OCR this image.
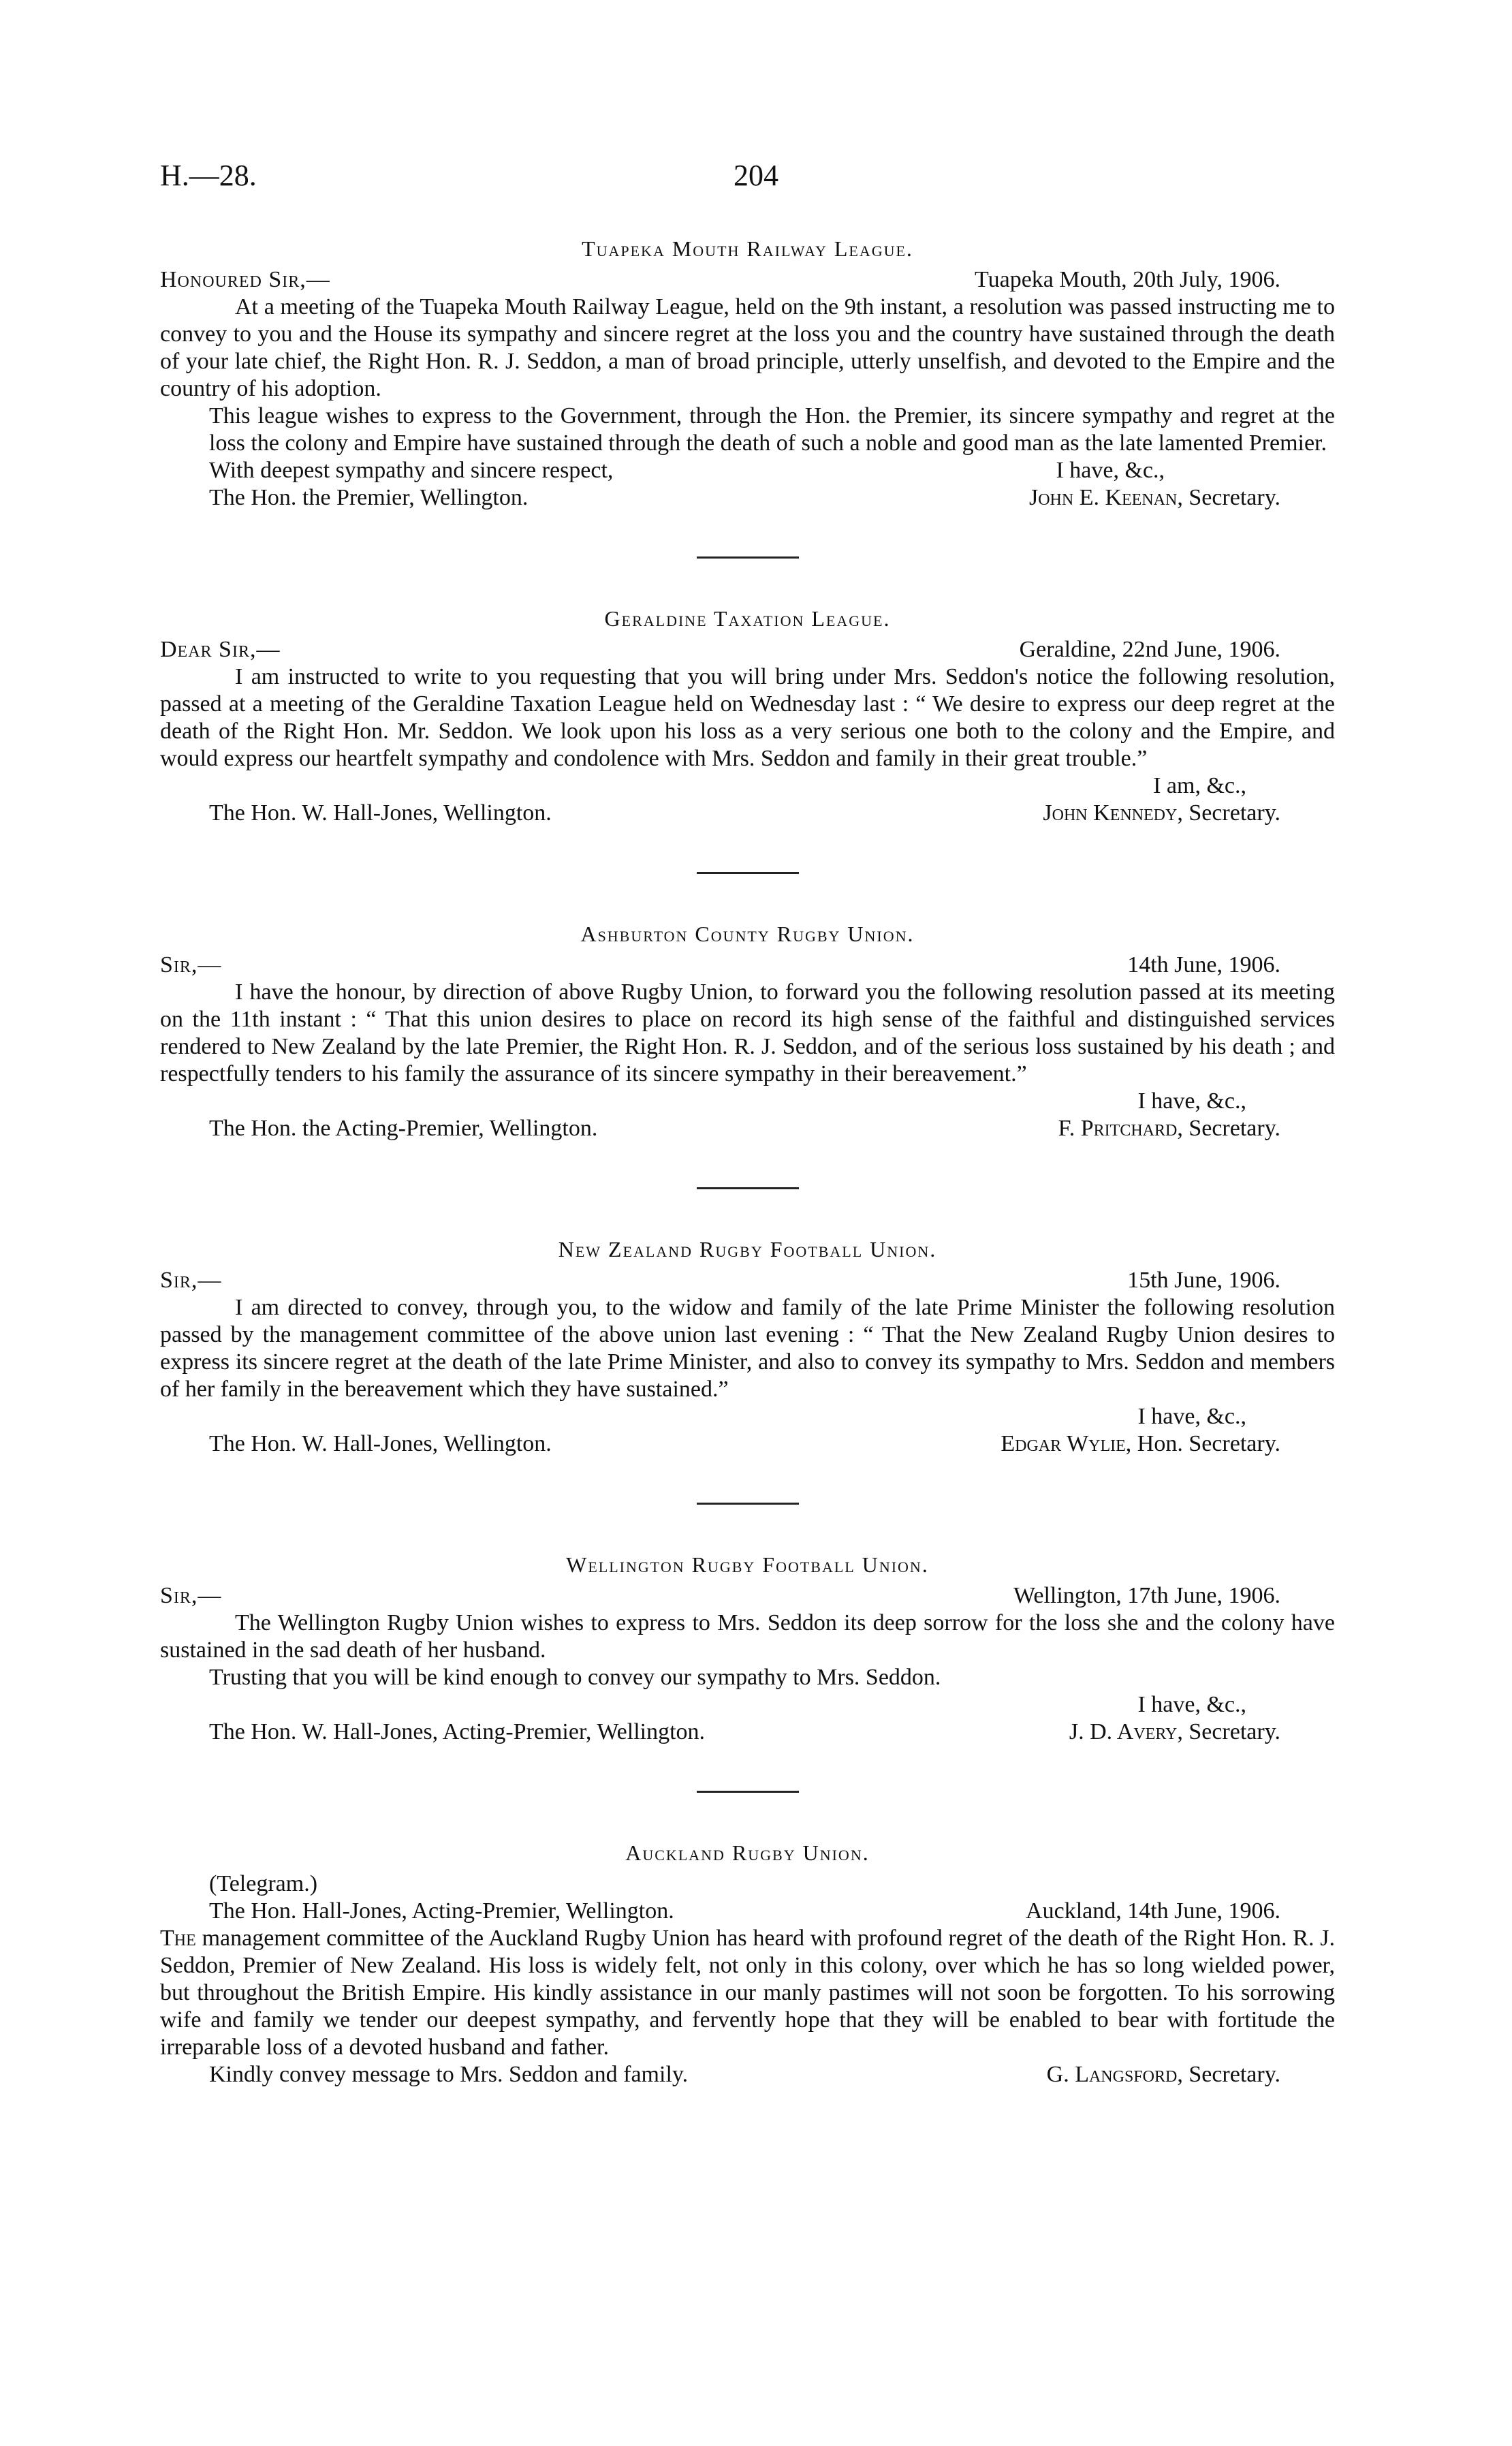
H.—28.	204
Tuapeka Mouth Railway League.
Honoured Sir,—	Tuapeka Mouth, 20th July, 1906.
At a meeting of the Tuapeka Mouth Railway League, held on the 9th instant, a resolution was passed instructing me to convey to you and the House its sympathy and sincere regret at the loss you and the country have sustained through the death of your late chief, the Right Hon. R. J. Seddon, a man of broad principle, utterly unselfish, and devoted to the Empire and the country of his adoption.
This league wishes to express to the Government, through the Hon. the Premier, its sincere sympathy and regret at the loss the colony and Empire have sustained through the death of such a noble and good man as the late lamented Premier.
With deepest sympathy and sincere respect,	I have, &c.,
The Hon. the Premier, Wellington.	John E. Keenan, Secretary.
Geraldine Taxation League.
Dear Sir,—	Geraldine, 22nd June, 1906.
I am instructed to write to you requesting that you will bring under Mrs. Seddon's notice the following resolution, passed at a meeting of the Geraldine Taxation League held on Wednesday last : “ We desire to express our deep regret at the death of the Right Hon. Mr. Seddon. We look upon his loss as a very serious one both to the colony and the Empire, and would express our heartfelt sympathy and condolence with Mrs. Seddon and family in their great trouble.”
I am, &c.,
The Hon. W. Hall-Jones, Wellington.	John Kennedy, Secretary.
Ashburton County Rugby Union.
Sir,—	14th June, 1906.
I have the honour, by direction of above Rugby Union, to forward you the following resolution passed at its meeting on the 11th instant : “ That this union desires to place on record its high sense of the faithful and distinguished services rendered to New Zealand by the late Premier, the Right Hon. R. J. Seddon, and of the serious loss sustained by his death ; and respectfully tenders to his family the assurance of its sincere sympathy in their bereavement.”
I have, &c.,
The Hon. the Acting-Premier, Wellington.	F. Pritchard, Secretary.
New Zealand Rugby Football Union.
Sir,—	15th June, 1906.
I am directed to convey, through you, to the widow and family of the late Prime Minister the following resolution passed by the management committee of the above union last evening : “ That the New Zealand Rugby Union desires to express its sincere regret at the death of the late Prime Minister, and also to convey its sympathy to Mrs. Seddon and members of her family in the bereavement which they have sustained.”
I have, &c.,
The Hon. W. Hall-Jones, Wellington.	Edgar Wylie, Hon. Secretary.
Wellington Rugby Football Union.
Sir,—	Wellington, 17th June, 1906.
The Wellington Rugby Union wishes to express to Mrs. Seddon its deep sorrow for the loss she and the colony have sustained in the sad death of her husband.
Trusting that you will be kind enough to convey our sympathy to Mrs. Seddon.
I have, &c.,
The Hon. W. Hall-Jones, Acting-Premier, Wellington.	J. D. Avery, Secretary.
Auckland Rugby Union.
(Telegram.)
The Hon. Hall-Jones, Acting-Premier, Wellington.	Auckland, 14th June, 1906.
The management committee of the Auckland Rugby Union has heard with profound regret of the death of the Right Hon. R. J. Seddon, Premier of New Zealand. His loss is widely felt, not only in this colony, over which he has so long wielded power, but throughout the British Empire. His kindly assistance in our manly pastimes will not soon be forgotten. To his sorrowing wife and family we tender our deepest sympathy, and fervently hope that they will be enabled to bear with fortitude the irreparable loss of a devoted husband and father.
Kindly convey message to Mrs. Seddon and family.	G. Langsford, Secretary.
